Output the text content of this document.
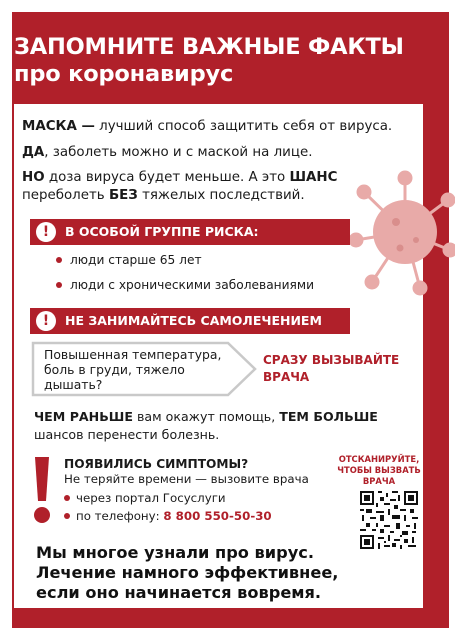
ЗАПОМНИТЕ ВАЖНЫЕ ФАКТЫ
про коронавирус
МАСКА — лучший способ защитить себя от вируса.
ДА, заболеть можно и с маской на лице.
НО доза вируса будет меньше. А это ШАНС
переболеть БЕЗ тяжелых последствий.
!	В ОСОБОЙ ГРУППЕ РИСКА:
люди старше 65 лет
люди с хроническими заболеваниями
!	НЕ ЗАНИМАЙТЕСЬ САМОЛЕЧЕНИЕМ
Повышенная температура, боль в груди, тяжело дышать?
СРАЗУ ВЫЗЫВАЙТЕ
ВРАЧА
ЧЕМ РАНЬШЕ вам окажут помощь, ТЕМ БОЛЬШЕ
шансов перенести болезнь.
ПОЯВИЛИСЬ СИМПТОМЫ?
Не теряйте времени — вызовите врача
через портал Госуслуги
по телефону: 8 800 550-50-30
ОТСКАНИРУЙТЕ,
ЧТОБЫ ВЫЗВАТЬ
ВРАЧА
Мы многое узнали про вирус.
Лечение намного эффективнее,
если оно начинается вовремя.
